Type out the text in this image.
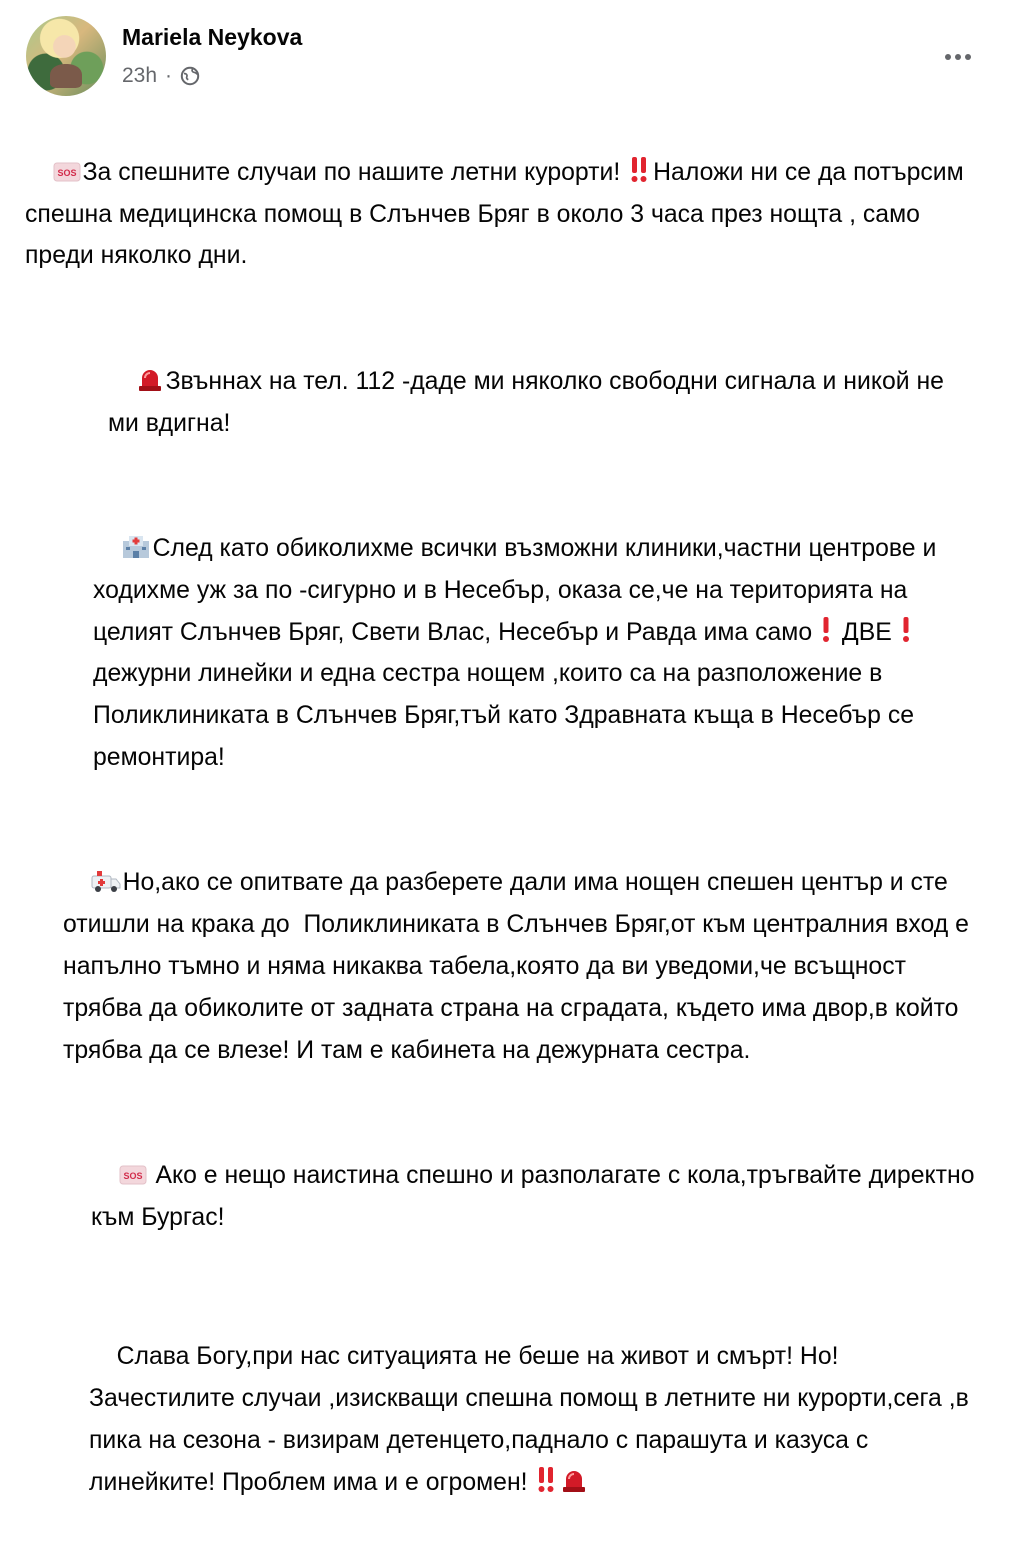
Mariela Neykova
23h ·

SOS За спешните случаи по нашите летни курорти! Наложи ни се да потърсим спешна медицинска помощ в Слънчев Бряг в около 3 часа през нощта , само преди няколко дни.

Звъннах на тел. 112 -даде ми няколко свободни сигнала и никой не ми вдигна!

След като обиколихме всички възможни клиники,частни центрове и ходихме уж за по -сигурно и в Несебър, оказа се,че на територията на целият Слънчев Бряг, Свети Влас, Несебър и Равда има само  ДВЕ  дежурни линейки и една сестра нощем ,които са на разположение в Поликлиниката в Слънчев Бряг,тъй като Здравната къща в Несебър се ремонтира!

Но,ако се опитвате да разберете дали има нощен спешен център и сте отишли на крака до  Поликлиниката в Слънчев Бряг,от към централния вход е напълно тъмно и няма никаква табела,която да ви уведоми,че всъщност трябва да обиколите от задната страна на сградата, където има двор,в който трябва да се влезе! И там е кабинета на дежурната сестра.

SOS Ако е нещо наистина спешно и разполагате с кола,тръгвайте директно към Бургас!

Слава Богу,при нас ситуацията не беше на живот и смърт! Но! Зачестилите случаи ,изискващи спешна помощ в летните ни курорти,сега ,в пика на сезона - визирам детенцето,паднало с парашута и казуса с линейките! Проблем има и е огромен!
